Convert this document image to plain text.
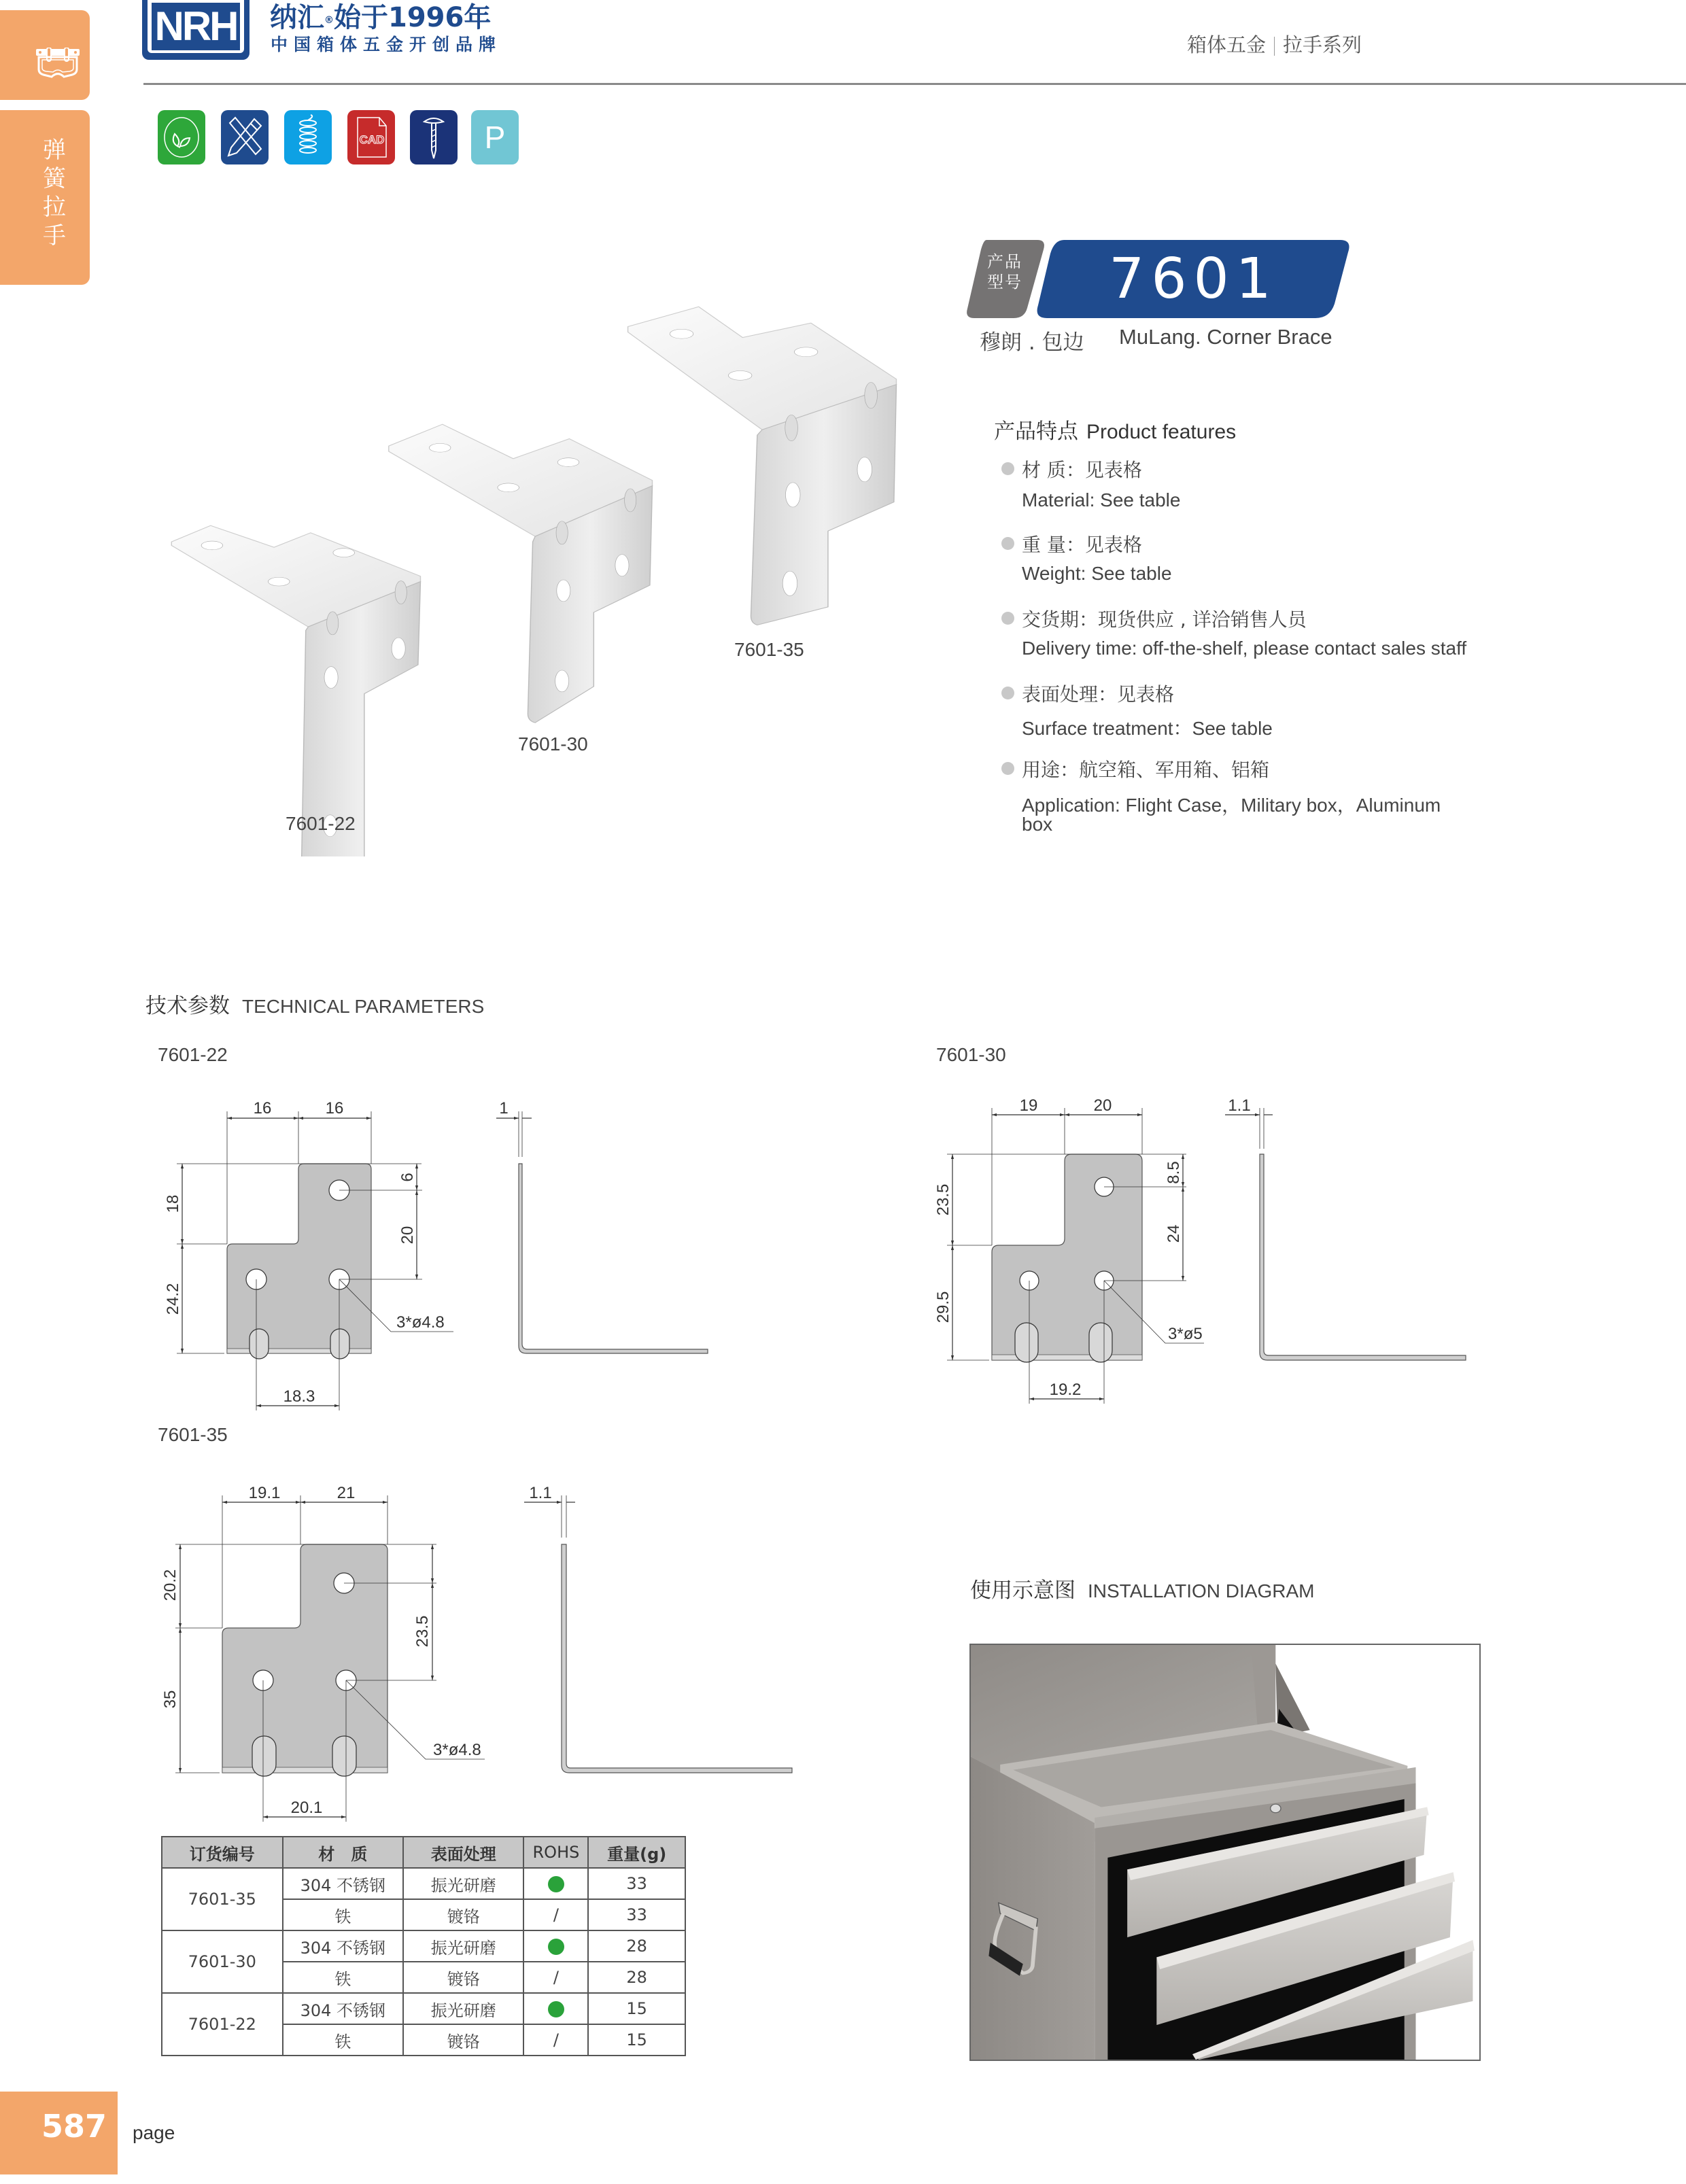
弹
簧
拉
手
NRH 纳汇®始于1996年
中国箱体五金开创品牌	箱体五金 拉手系列
CAD	P
7601-22
7601-30
7601-35
产品
型号	7601
穆朗 . 包边 MuLang. Corner Brace
产品特点 Product features
材 质：见表格
Material: See table
重 量：见表格
Weight: See table
交货期：现货供应 , 详洽销售人员
Delivery time: off-the-shelf, please contact sales staff
表面处理：见表格
Surface treatment：See table
用途：航空箱、军用箱、铝箱
Application: Flight Case，Military box，Aluminum
box
技术参数 TECHNICAL PARAMETERS
7601-22	7601-30
7601-35
16	16
18
24.2
6
20
3*ø4.8
18.3
1	19	20
23.5
29.5
8.5
24
3*ø5
19.2
1.1
19.1	21
20.2
35
23.5
3*ø4.8
20.1
1.1
订货编号	材　质	表面处理	ROHS	重量(g)
7601-35	304 不锈钢	振光研磨		33
	铁	镀铬	/	33
7601-30	304 不锈钢	振光研磨		28
	铁	镀铬	/	28
7601-22	304 不锈钢	振光研磨		15
	铁	镀铬	/	15
使用示意图 INSTALLATION DIAGRAM
587 page
